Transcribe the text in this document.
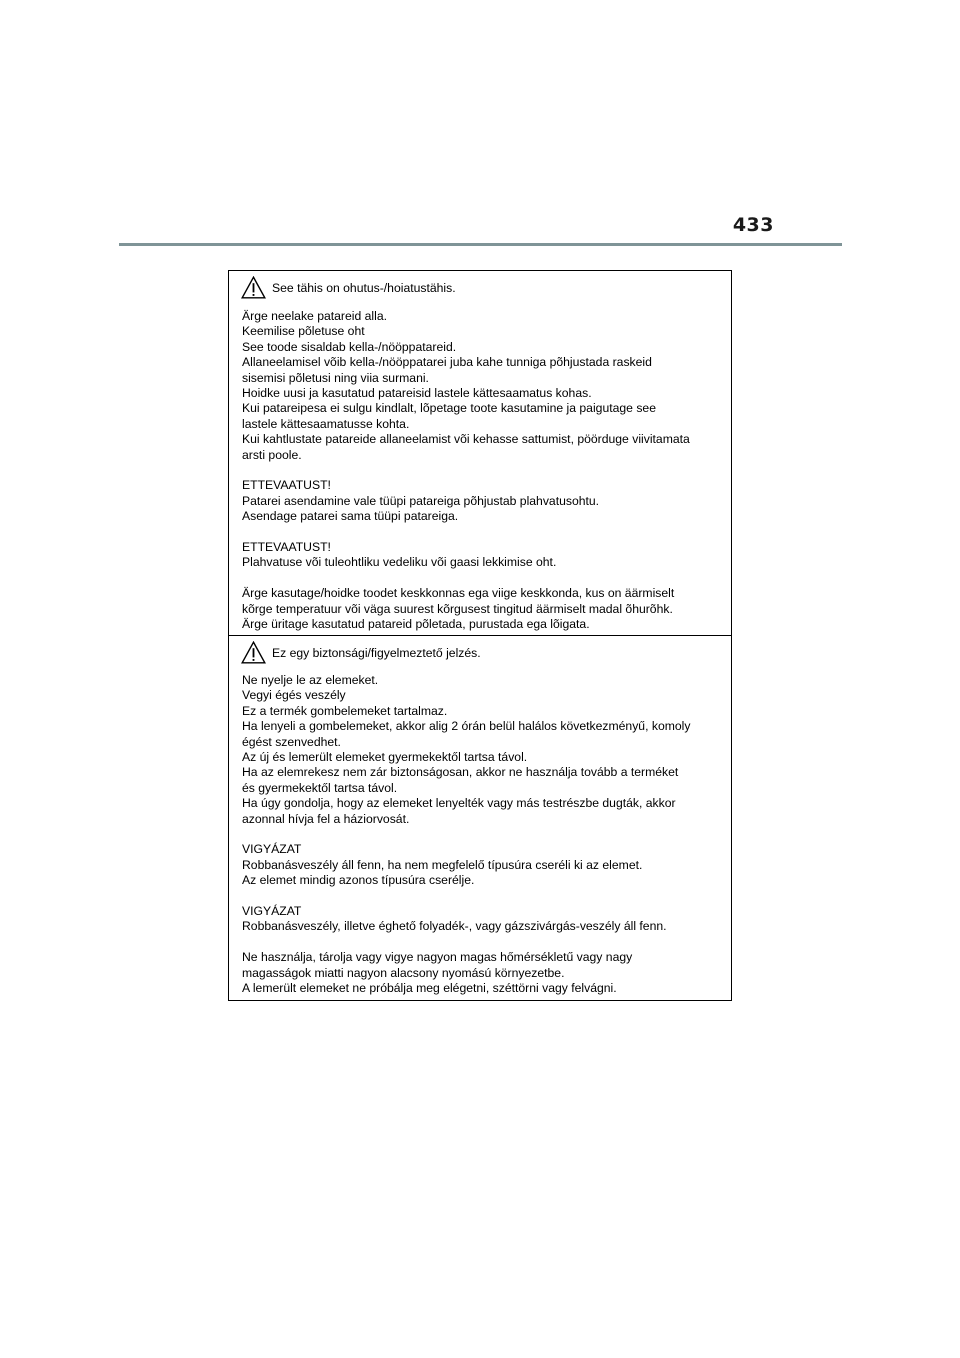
433
See tähis on ohutus-/hoiatustähis.
Ärge neelake patareid alla.
Keemilise põletuse oht
See toode sisaldab kella-/nööppatareid.
Allaneelamisel võib kella-/nööppatarei juba kahe tunniga põhjustada raskeid
sisemisi põletusi ning viia surmani.
Hoidke uusi ja kasutatud patareisid lastele kättesaamatus kohas.
Kui patareipesa ei sulgu kindlalt, lõpetage toote kasutamine ja paigutage see
lastele kättesaamatusse kohta.
Kui kahtlustate patareide allaneelamist või kehasse sattumist, pöörduge viivitamata
arsti poole.
ETTEVAATUST!
Patarei asendamine vale tüüpi patareiga põhjustab plahvatusohtu.
Asendage patarei sama tüüpi patareiga.
ETTEVAATUST!
Plahvatuse või tuleohtliku vedeliku või gaasi lekkimise oht.
Ärge kasutage/hoidke toodet keskkonnas ega viige keskkonda, kus on äärmiselt
kõrge temperatuur või väga suurest kõrgusest tingitud äärmiselt madal õhurõhk.
Ärge üritage kasutatud patareid põletada, purustada ega lõigata.
Ez egy biztonsági/figyelmeztető jelzés.
Ne nyelje le az elemeket.
Vegyi égés veszély
Ez a termék gombelemeket tartalmaz.
Ha lenyeli a gombelemeket, akkor alig 2 órán belül halálos következményű, komoly
égést szenvedhet.
Az új és lemerült elemeket gyermekektől tartsa távol.
Ha az elemrekesz nem zár biztonságosan, akkor ne használja tovább a terméket
és gyermekektől tartsa távol.
Ha úgy gondolja, hogy az elemeket lenyelték vagy más testrészbe dugták, akkor
azonnal hívja fel a háziorvosát.
VIGYÁZAT
Robbanásveszély áll fenn, ha nem megfelelő típusúra cseréli ki az elemet.
Az elemet mindig azonos típusúra cserélje.
VIGYÁZAT
Robbanásveszély, illetve éghető folyadék-, vagy gázszivárgás-veszély áll fenn.
Ne használja, tárolja vagy vigye nagyon magas hőmérsékletű vagy nagy
magasságok miatti nagyon alacsony nyomású környezetbe.
A lemerült elemeket ne próbálja meg elégetni, széttörni vagy felvágni.
